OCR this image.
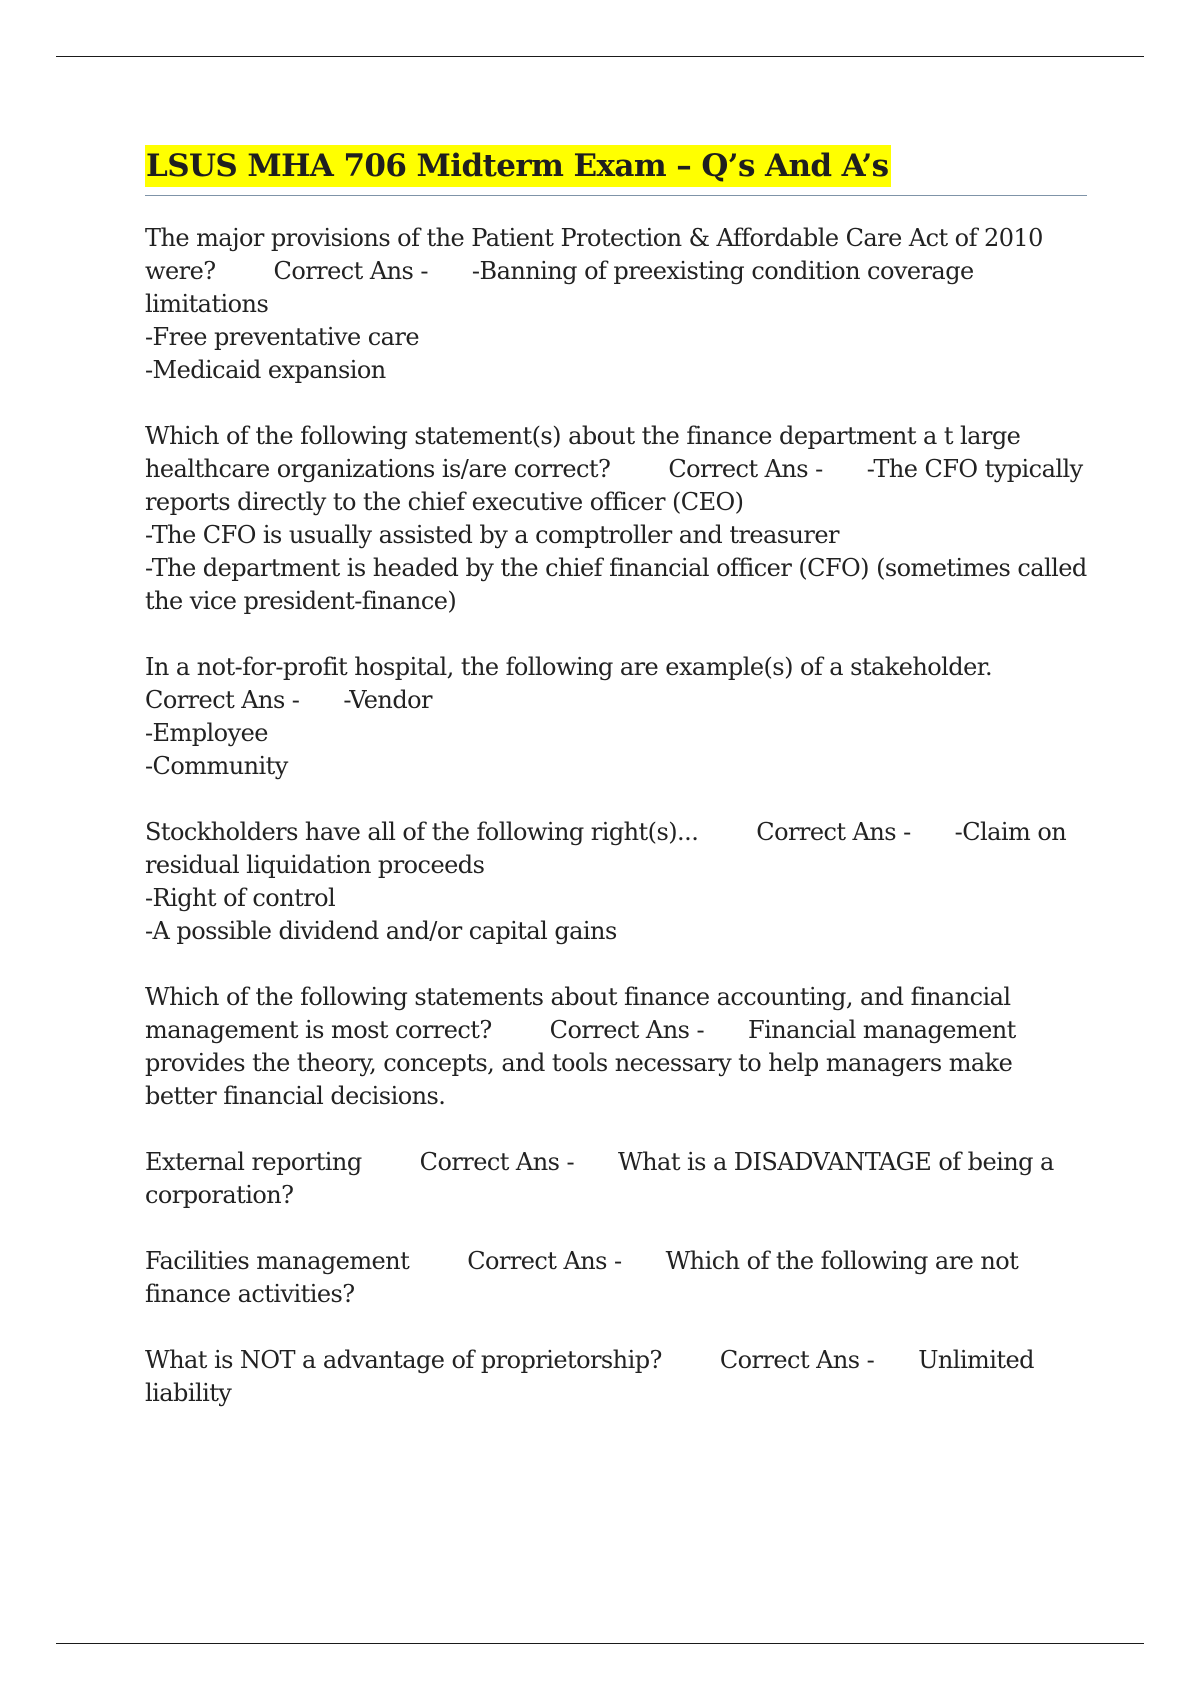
LSUS MHA 706 Midterm Exam – Q’s And A’s

The major provisions of the Patient Protection & Affordable Care Act of 2010 were? Correct Ans - -Banning of preexisting condition coverage limitations

-Free preventative care

-Medicaid expansion

Which of the following statement(s) about the finance department a t large healthcare organizations is/are correct? Correct Ans - -The CFO typically reports directly to the chief executive officer (CEO)

-The CFO is usually assisted by a comptroller and treasurer

-The department is headed by the chief financial officer (CFO) (sometimes called the vice president-finance)

In a not-for-profit hospital, the following are example(s) of a stakeholder.Correct Ans - -Vendor

-Employee

-Community

Stockholders have all of the following right(s)... Correct Ans - -Claim on residual liquidation proceeds

-Right of control

-A possible dividend and/or capital gains

Which of the following statements about finance accounting, and financial management is most correct? Correct Ans - Financial management provides the theory, concepts, and tools necessary to help managers make better financial decisions.

External reporting Correct Ans - What is a DISADVANTAGE of being a corporation?

Facilities management Correct Ans - Which of the following are not finance activities?

What is NOT a advantage of proprietorship? Correct Ans - Unlimited liability
